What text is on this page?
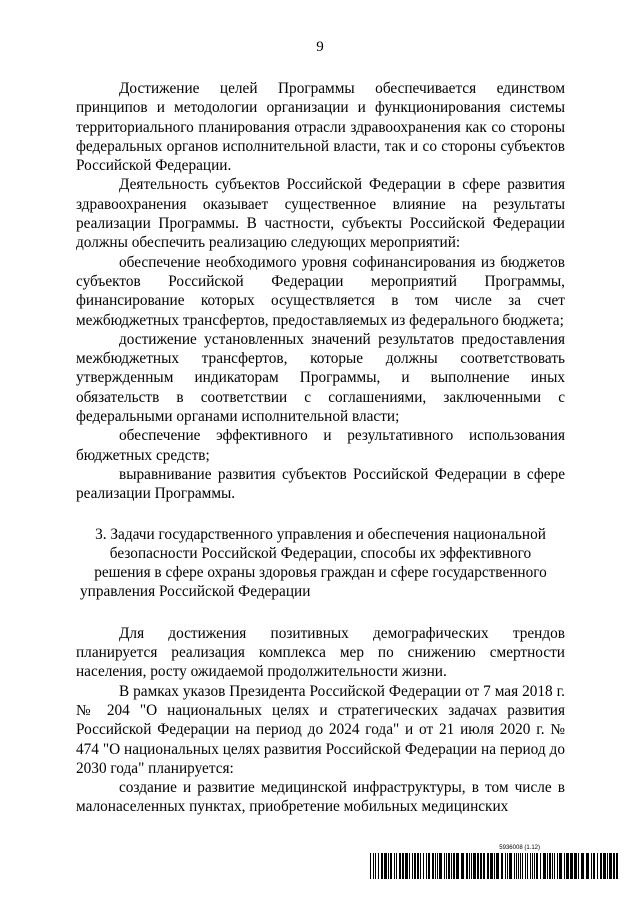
9

Достижение целей Программы обеспечивается единством принципов и методологии организации и функционирования системы территориального планирования отрасли здравоохранения как со стороны федеральных органов исполнительной власти, так и со стороны субъектов Российской Федерации.

Деятельность субъектов Российской Федерации в сфере развития здравоохранения оказывает существенное влияние на результаты реализации Программы. В частности, субъекты Российской Федерации должны обеспечить реализацию следующих мероприятий:

обеспечение необходимого уровня софинансирования из бюджетов субъектов Российской Федерации мероприятий Программы, финансирование которых осуществляется в том числе за счет межбюджетных трансфертов, предоставляемых из федерального бюджета;

достижение установленных значений результатов предоставления межбюджетных трансфертов, которые должны соответствовать утвержденным индикаторам Программы, и выполнение иных обязательств в соответствии с соглашениями, заключенными с федеральными органами исполнительной власти;

обеспечение эффективного и результативного использования бюджетных средств;

выравнивание развития субъектов Российской Федерации в сфере реализации Программы.

3. Задачи государственного управления и обеспечения национальной безопасности Российской Федерации, способы их эффективного решения в сфере охраны здоровья граждан и сфере государственного управления Российской Федерации

Для достижения позитивных демографических трендов планируется реализация комплекса мер по снижению смертности населения, росту ожидаемой продолжительности жизни.

В рамках указов Президента Российской Федерации от 7 мая 2018 г. № 204 "О национальных целях и стратегических задачах развития Российской Федерации на период до 2024 года" и от 21 июля 2020 г. № 474 "О национальных целях развития Российской Федерации на период до 2030 года" планируется:

создание и развитие медицинской инфраструктуры, в том числе в малонаселенных пунктах, приобретение мобильных медицинских

5936008 (1.12)
